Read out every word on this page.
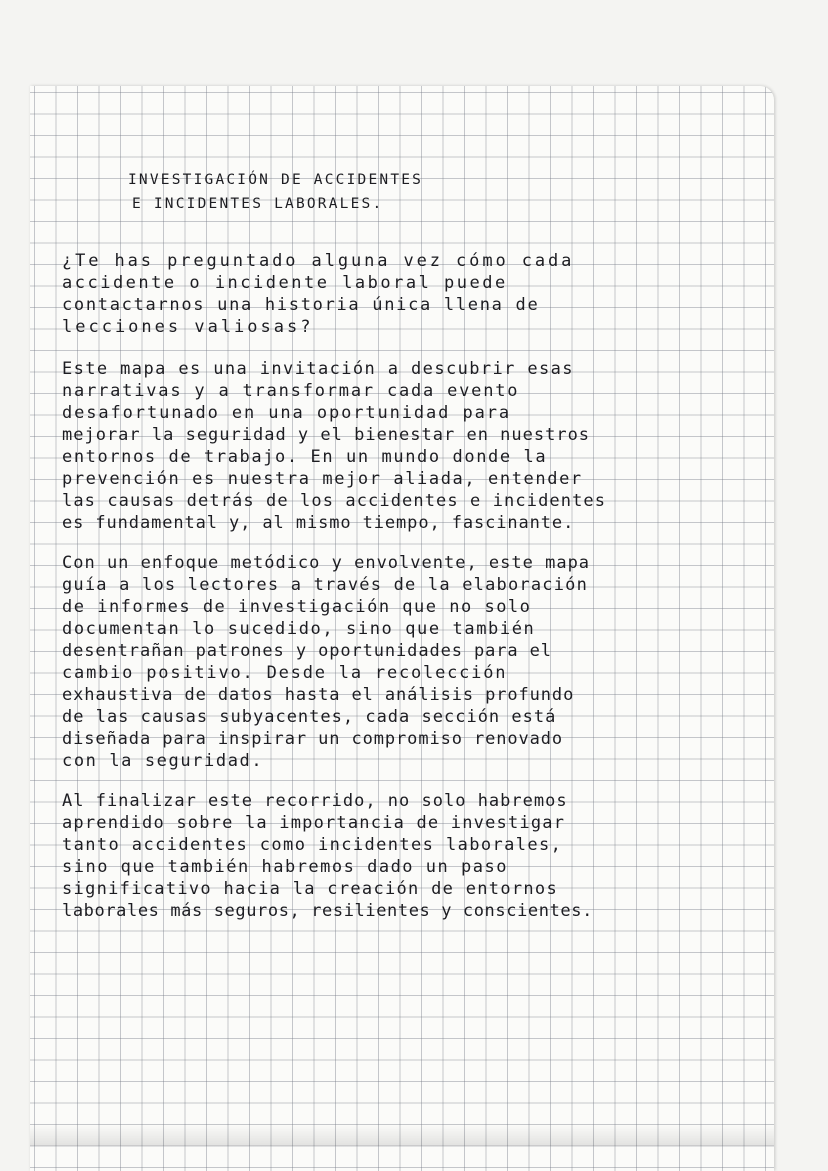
INVESTIGACIÓN DE ACCIDENTES
E INCIDENTES LABORALES.
¿Te has preguntado alguna vez cómo cada
accidente o incidente laboral puede
contactarnos una historia única llena de
lecciones valiosas?
Este mapa es una invitación a descubrir esas
narrativas y a transformar cada evento
desafortunado en una oportunidad para
mejorar la seguridad y el bienestar en nuestros
entornos de trabajo. En un mundo donde la
prevención es nuestra mejor aliada, entender
las causas detrás de los accidentes e incidentes
es fundamental y, al mismo tiempo, fascinante.
Con un enfoque metódico y envolvente, este mapa
guía a los lectores a través de la elaboración
de informes de investigación que no solo
documentan lo sucedido, sino que también
desentrañan patrones y oportunidades para el
cambio positivo. Desde la recolección
exhaustiva de datos hasta el análisis profundo
de las causas subyacentes, cada sección está
diseñada para inspirar un compromiso renovado
con la seguridad.
Al finalizar este recorrido, no solo habremos
aprendido sobre la importancia de investigar
tanto accidentes como incidentes laborales,
sino que también habremos dado un paso
significativo hacia la creación de entornos
laborales más seguros, resilientes y conscientes.
